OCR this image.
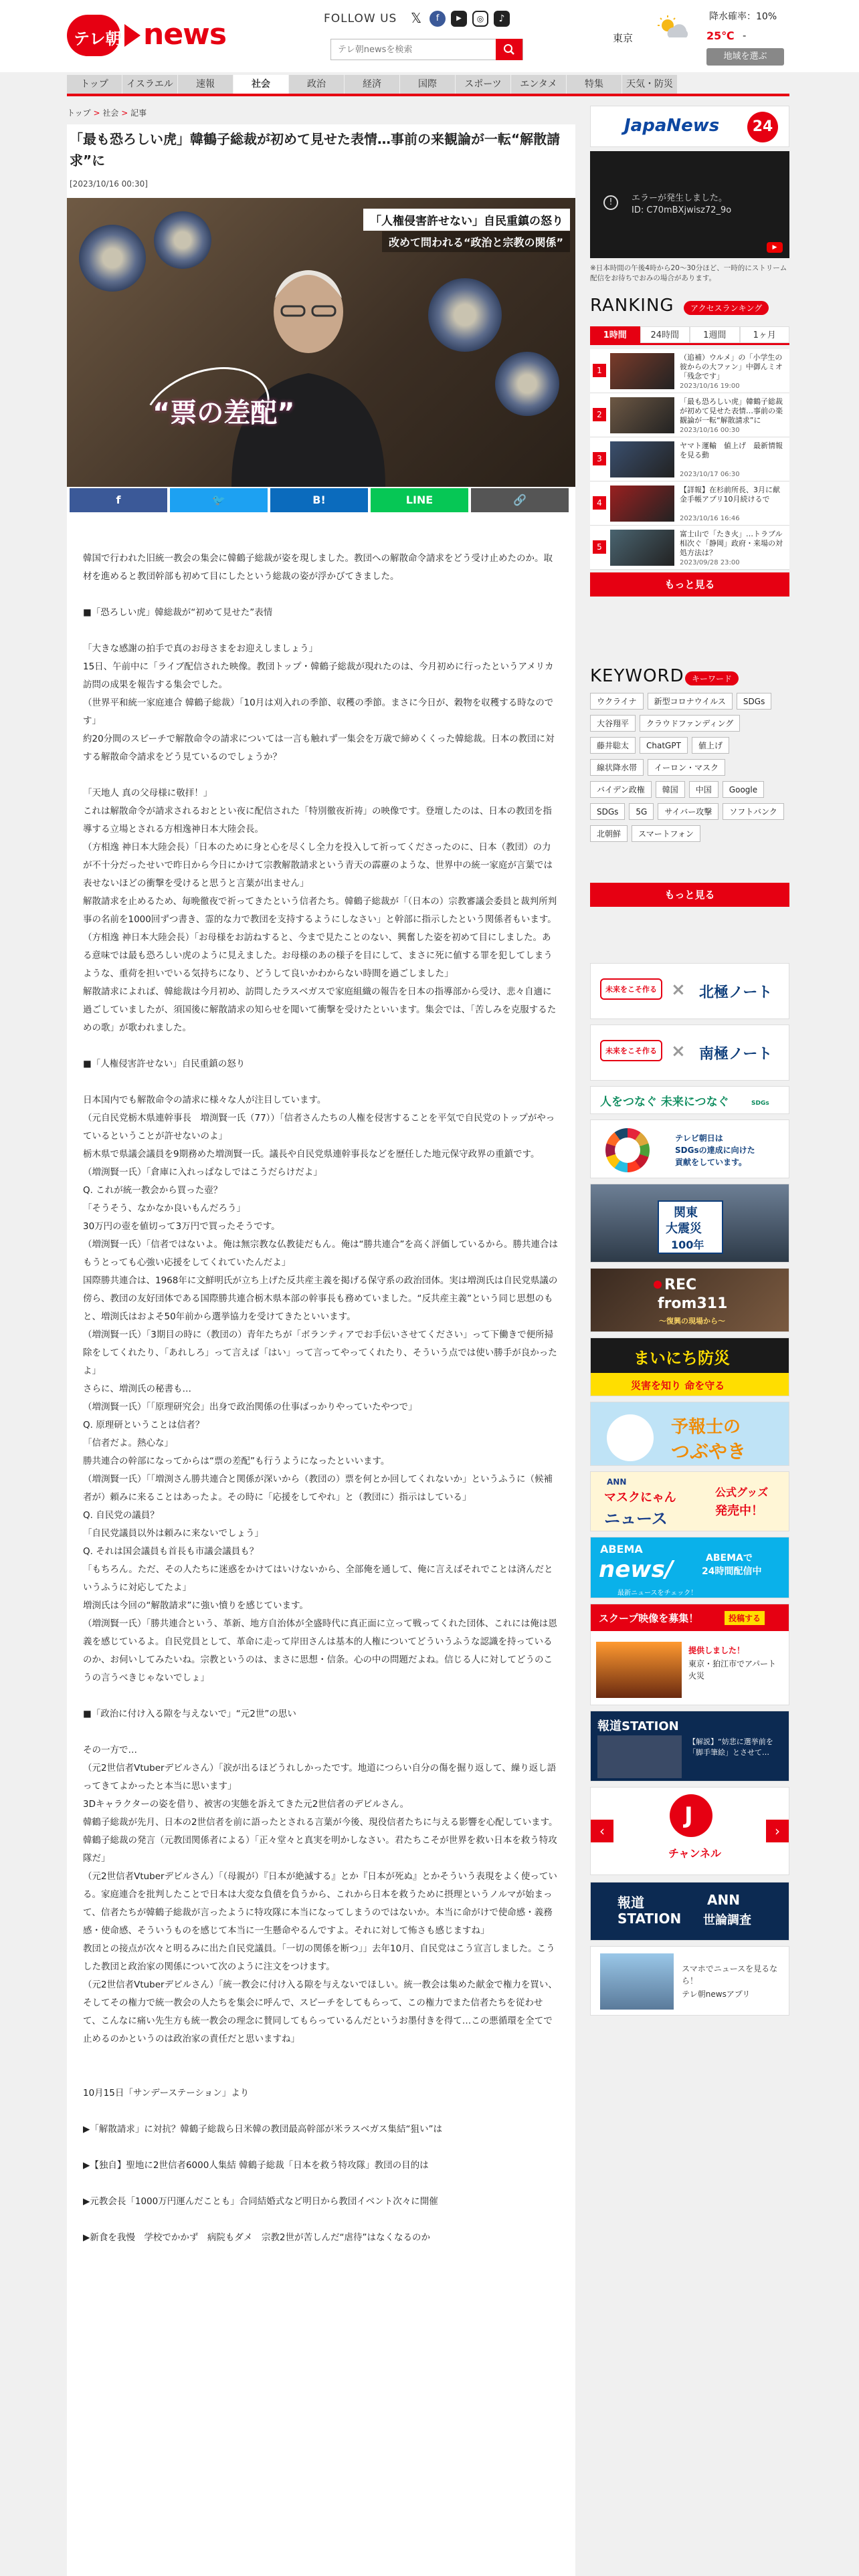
テレ朝 news	FOLLOW US 𝕏	f	▶	◎	♪
テレ朝newsを検索
東京
降水確率：10%
25℃ -
地域を選ぶ
トップ	イスラエル	速報	社会	政治	経済	国際	スポーツ	エンタメ	特集	天気・防災
トップ > 社会 > 記事
「最も恐ろしい虎」韓鶴子総裁が初めて見せた表情…事前の来観論が一転“解散請求”に
[2023/10/16 00:30]
「人権侵害許せない」自民重鎮の怒り
改めて問われる“政治と宗教の関係”
“票の差配”
f	🐦	B!	LINE	🔗

韓国で行われた旧統一教会の集会に韓鶴子総裁が姿を現しました。教団への解散命令請求をどう受け止めたのか。取材を進めると教団幹部も初めて目にしたという総裁の姿が浮かびてきました。

■「恐ろしい虎」韓総裁が“初めて見せた”表情

「大きな感謝の拍手で真のお母さまをお迎えしましょう」

15日、午前中に「ライブ配信された映像。教団トップ・韓鶴子総裁が現れたのは、今月初めに行ったというアメリカ訪問の成果を報告する集会でした。

（世界平和統一家庭連合 韓鶴子総裁）「10月は刈入れの季節、収穫の季節。まさに今日が、穀物を収穫する時なのです」

約20分間のスピーチで解散命令の請求については一言も触れず一集会を万歳で締めくくった韓総裁。日本の教団に対する解散命令請求をどう見ているのでしょうか？

「天地人 真の父母様に敬拝！」

これは解散命令が請求されるおととい夜に配信された「特別徹夜祈祷」の映像です。登壇したのは、日本の教団を指導する立場とされる方相逸神日本大陸会長。

（方相逸 神日本大陸会長）「日本のために身と心を尽くし全力を投入して祈ってくださったのに、日本（教団）の力が不十分だったせいで昨日から今日にかけて宗教解散請求という青天の霹靂のような、世界中の統一家庭が言葉では表せないほどの衝撃を受けると思うと言葉が出ません」

解散請求を止めるため、毎晩徹夜で祈ってきたという信者たち。韓鶴子総裁が「（日本の）宗教審議会委員と裁判所判事の名前を1000回ずつ書き、霊的な力で教団を支持するようにしなさい」と幹部に指示したという関係者もいます。

（方相逸 神日本大陸会長）「お母様をお訪ねすると、今まで見たことのない、興奮した姿を初めて目にしました。ある意味では最も恐ろしい虎のように見えました。お母様のあの様子を目にして、まさに死に値する罪を犯してしまうような、重荷を担いでいる気持ちになり、どうして良いかわからない時間を過ごしました」

解散請求によれば、韓総裁は今月初め、訪問したラスベガスで家庭組織の報告を日本の指導部から受け、悲々自適に過ごしていましたが、須国後に解散請求の知らせを聞いて衝撃を受けたといいます。集会では、「苦しみを克服するための歌」が歌われました。

■「人権侵害許せない」自民重鎮の怒り

日本国内でも解散命令の請求に様々な人が注目しています。

（元自民党栃木県連幹事長　増渕賢一氏（77））「信者さんたちの人権を侵害することを平気で自民党のトップがやっているということが許せないのよ」

栃木県で県議会議員を9期務めた増渕賢一氏。議長や自民党県連幹事長などを歴任した地元保守政界の重鎮です。

（増渕賢一氏）「倉庫に入れっぱなしではこうだらけだよ」

Q. これが統一教会から買った壺？

「そうそう、なかなか良いもんだろう」

30万円の壺を値切って3万円で買ったそうです。

（増渕賢一氏）「信者ではないよ。俺は無宗教な仏教徒だもん。俺は“勝共連合”を高く評価しているから。勝共連合はもうとっても心強い応援をしてくれていたんだよ」

国際勝共連合は、1968年に文鮮明氏が立ち上げた反共産主義を掲げる保守系の政治団体。実は増渕氏は自民党県議の傍ら、教団の友好団体である国際勝共連合栃木県本部の幹事長も務めていました。“反共産主義”という同じ思想のもと、増渕氏はおよそ50年前から選挙協力を受けてきたといいます。

（増渕賢一氏）「3期目の時に（教団の）青年たちが「ボランティアでお手伝いさせてください」って下働きで便所掃除をしてくれたり、「あれしろ」って言えば「はい」って言ってやってくれたり、そういう点では使い勝手が良かったよ」

さらに、増渕氏の秘書も…

（増渕賢一氏）「「原理研究会」出身で政治関係の仕事ばっかりやっていたやつで」

Q. 原理研ということは信者？

「信者だよ。熱心な」

勝共連合の幹部になってからは“票の差配”も行うようになったといいます。

（増渕賢一氏）「「増渕さん勝共連合と関係が深いから（教団の）票を何とか回してくれないか」というふうに（候補者が）頼みに来ることはあったよ。その時に「応援をしてやれ」と（教団に）指示はしている」

Q. 自民党の議員？

「自民党議員以外は頼みに来ないでしょう」

Q. それは国会議員も首長も市議会議員も？

「もちろん。ただ、その人たちに迷惑をかけてはいけないから、全部俺を通して、俺に言えばそれでことは済んだというふうに対応してたよ」

増渕氏は今回の“解散請求”に強い憤りを感じています。

（増渕賢一氏）「勝共連合という、革新、地方自治体が全盛時代に真正面に立って戦ってくれた団体、これには俺は恩義を感じているよ。自民党員として、革命に走って岸田さんは基本的人権についてどういうふうな認識を持っているのか、お伺いしてみたいね。宗教というのは、まさに思想・信条。心の中の問題だよね。信じる人に対してどうのこうの言うべきじゃないでしょ」

■「政治に付け入る隙を与えないで」“元2世”の思い

その一方で…

（元2世信者Vtuberデビルさん）「涙が出るほどうれしかったです。地道につらい自分の傷を掘り返して、繰り返し語ってきてよかったと本当に思います」

3Dキャラクターの姿を借り、被害の実態を訴えてきた元2世信者のデビルさん。

韓鶴子総裁が先月、日本の2世信者を前に語ったとされる言葉が今後、現役信者たちに与える影響を心配しています。

韓鶴子総裁の発言（元教団関係者による）「正々堂々と真実を明かしなさい。君たちこそが世界を救い日本を救う特攻隊だ」

（元2世信者Vtuberデビルさん）「（母親が）『日本が絶滅する』とか『日本が死ぬ』とかそういう表現をよく使っている。家庭連合を批判したことで日本は大変な負債を負うから、これから日本を救うために摂理というノルマが始まって、信者たちが韓鶴子総裁が言ったように特攻隊に本当になってしまうのではないか。本当に命がけで使命感・義務感・使命感、そういうものを感じて本当に一生懸命やるんですよ。それに対して怖さも感じますね」

教団との接点が次々と明るみに出た自民党議員。「一切の関係を断つ」」去年10月、自民党はこう宣言しました。こうした教団と政治家の関係について次のように注文をつけます。

（元2世信者Vtuberデビルさん）「統一教会に付け入る隙を与えないでほしい。統一教会は集めた献金で権力を買い、そしてその権力で統一教会の人たちを集会に呼んで、スピーチをしてもらって、この権力でまた信者たちを従わせて、こんなに痛い先生方も統一教会の理念に賛同してもらっているんだというお墨付きを得て…この悪循環を全てで止めるのかというのは政治家の責任だと思いますね」

10月15日「サンデーステーション」より

▶「解散請求」に対抗？韓鶴子総裁ら日米韓の教団最高幹部が米ラスベガス集結“狙い”は

▶【独自】聖地に2世信者6000人集結 韓鶴子総裁「日本を救う特攻隊」教団の目的は

▶元教会長「1000万円運んだことも」合同結婚式など明日から教団イベント次々に開催

▶新食を我慢　学校でかかず　病院もダメ　宗教2世が苦しんだ“虐待”はなくなるのか

JapaNews	24
!	エラーが発生しました。
ID: C70mBXjwisz72_9o
▶
※日本時間の午後4時から20～30分ほど、一時的にストリーム配信をお待ちでおみの場合があります。
RANKING	アクセスランキング
1時間	24時間	1週間	1ヶ月
1
（追補）ウルメ」の「小学生の彼からの大ファン」中御んミオ「残念です」
2023/10/16 19:00
2
「最も恐ろしい虎」韓鶴子総裁が初めて見せた表情…事前の楽観論が一転“解散請求”に
2023/10/16 00:30
3
ヤマト運輸　値上げ　最新情報を見る動
2023/10/17 06:30
4
【詳報】在杉前所長、3月に献金手帳アプリ10月続けるで
2023/10/16 16:46
5
富士山で「たき火」…トラブル相次ぐ「静岡」政府・来場の対処方法は？
2023/09/28 23:00
もっと見る
KEYWORD キーワード
ウクライナ	新型コロナウイルス	SDGs
大谷翔平	クラウドファンディング
藤井聡太	ChatGPT	値上げ
線状降水帯	イーロン・マスク
バイデン政権	韓国	中国	Google
SDGs	5G	サイバー攻撃	ソフトバンク
北朝鮮	スマートフォン
もっと見る
未来をこそ作る × 北極ノート
未来をこそ作る × 南極ノート
人をつなぐ 未来につなぐ	SDGs
テレビ朝日は
SDGsの達成に向けた
貢献をしています。
関東
大震災
100年
REC
from311
～復興の現場から～
まいにち防災
災害を知り 命を守る
予報士の
つぶやき
ANN
マスクにゃん
ニュース
公式グッズ
発売中！
ABEMA
news/	ABEMAで
24時間配信中
最新ニュースをチェック！
スクープ映像を募集！	投稿する
提供しました！
東京・狛江市でアパート火災
報道STATION
【解説】“妨悲に選挙前を「脚手筆絵」とさせて…
‹	›
J
チャンネル
報道
STATION
ANN
世論調査
スマホでニュースを見るなら！
テレ朝newsアプリ
